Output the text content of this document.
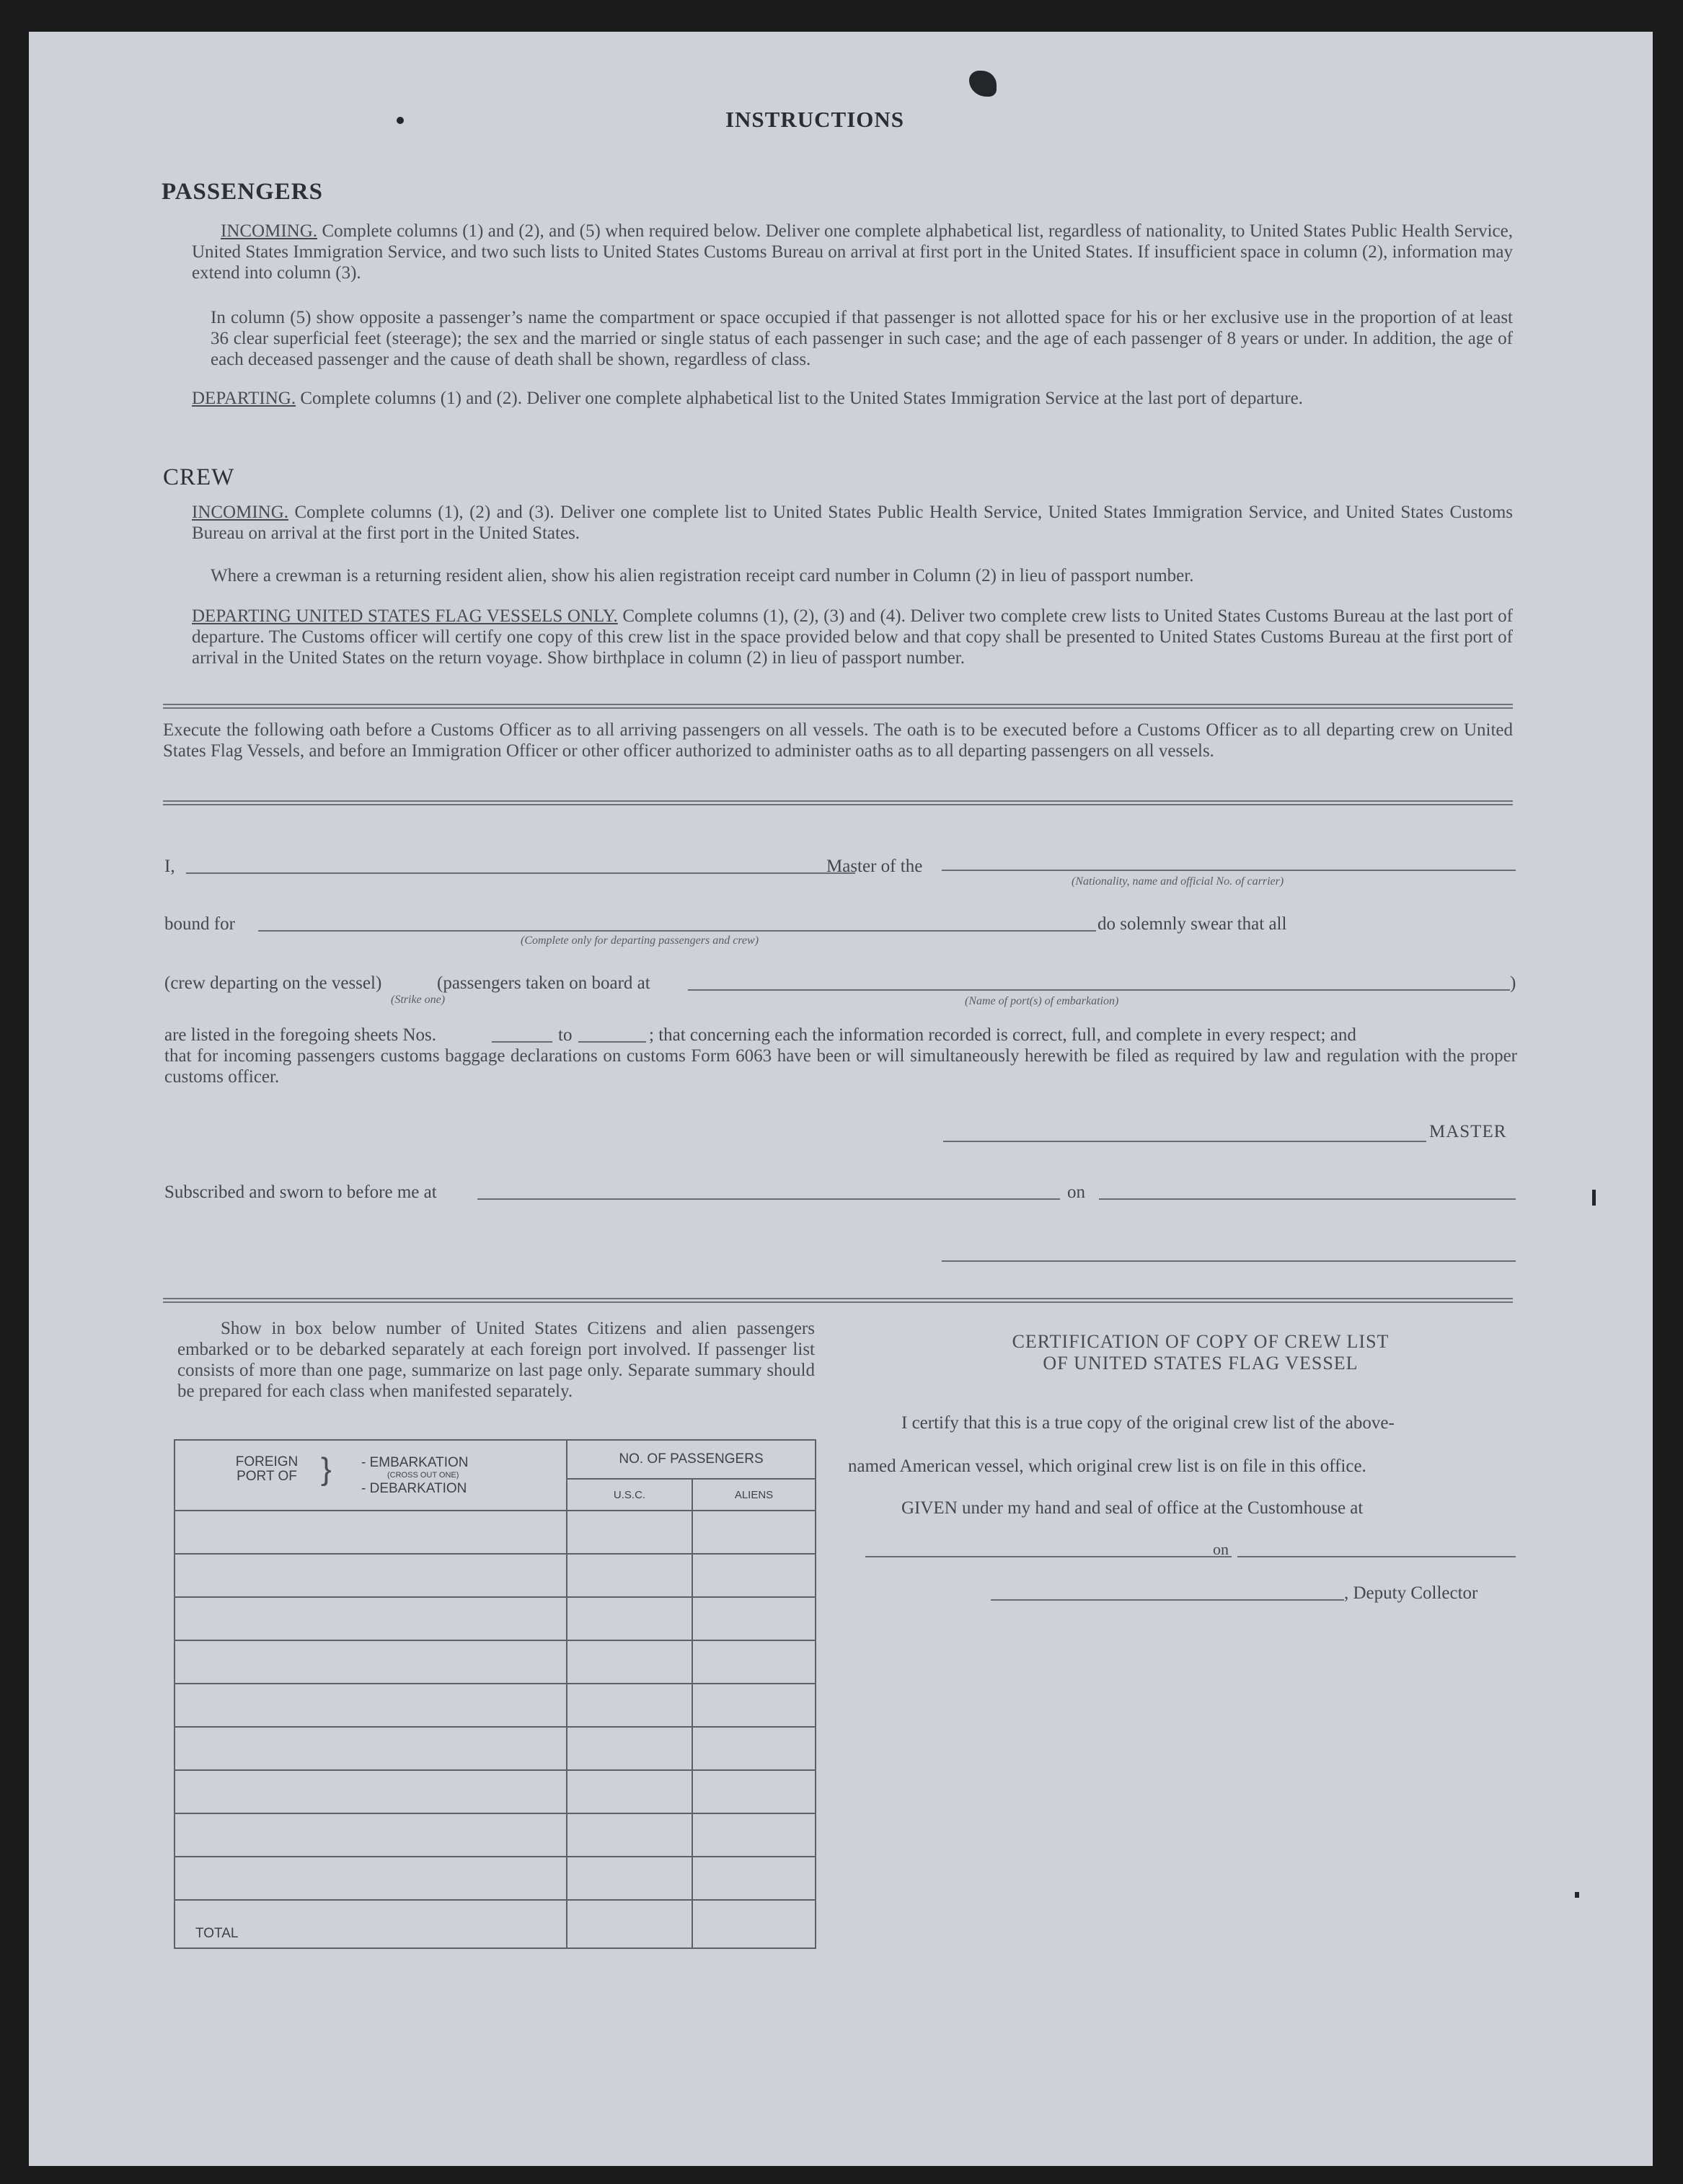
INSTRUCTIONS
PASSENGERS
INCOMING. Complete columns (1) and (2), and (5) when required below. Deliver one complete alphabetical list, regardless of nationality, to United States Public Health Service, United States Immigration Service, and two such lists to United States Customs Bureau on arrival at first port in the United States. If insufficient space in column (2), information may extend into column (3).
In column (5) show opposite a passenger’s name the compartment or space occupied if that passenger is not allotted space for his or her exclusive use in the proportion of at least 36 clear superficial feet (steerage); the sex and the married or single status of each passenger in such case; and the age of each passenger of 8 years or under. In addition, the age of each deceased passenger and the cause of death shall be shown, regardless of class.
DEPARTING. Complete columns (1) and (2). Deliver one complete alphabetical list to the United States Immigration Service at the last port of departure.
CREW
INCOMING. Complete columns (1), (2) and (3). Deliver one complete list to United States Public Health Service, United States Immigration Service, and United States Customs Bureau on arrival at the first port in the United States.
Where a crewman is a returning resident alien, show his alien registration receipt card number in Column (2) in lieu of passport number.
DEPARTING UNITED STATES FLAG VESSELS ONLY. Complete columns (1), (2), (3) and (4). Deliver two complete crew lists to United States Customs Bureau at the last port of departure. The Customs officer will certify one copy of this crew list in the space provided below and that copy shall be presented to United States Customs Bureau at the first port of arrival in the United States on the return voyage. Show birthplace in column (2) in lieu of passport number.
Execute the following oath before a Customs Officer as to all arriving passengers on all vessels. The oath is to be executed before a Customs Officer as to all departing crew on United States Flag Vessels, and before an Immigration Officer or other officer authorized to administer oaths as to all departing passengers on all vessels.
I,	Master of the
(Nationality, name and official No. of carrier)
bound for
(Complete only for departing passengers and crew)
do solemnly swear that all
(crew departing on the vessel)	(passengers taken on board at
(Strike one)	(Name of port(s) of embarkation)
)
are listed in the foregoing sheets Nos.	to	; that concerning each the information recorded is correct, full, and complete in every respect; and
that for incoming passengers customs baggage declarations on customs Form 6063 have been or will simultaneously herewith be filed as required by law and regulation with the proper customs officer.
MASTER
Subscribed and sworn to before me at	on
Show in box below number of United States Citizens and alien passengers embarked or to be debarked separately at each foreign port involved. If passenger list consists of more than one page, summarize on last page only. Separate summary should be prepared for each class when manifested separately.
FOREIGN PORT OF } - EMBARKATION
(CROSS OUT ONE)
- DEBARKATION	NO. OF PASSENGERS	
	U.S.C.	ALIENS

TOTAL		
CERTIFICATION OF COPY OF CREW LIST
OF UNITED STATES FLAG VESSEL
I certify that this is a true copy of the original crew list of the above-
named American vessel, which original crew list is on file in this office.
GIVEN under my hand and seal of office at the Customhouse at
on
, Deputy Collector
